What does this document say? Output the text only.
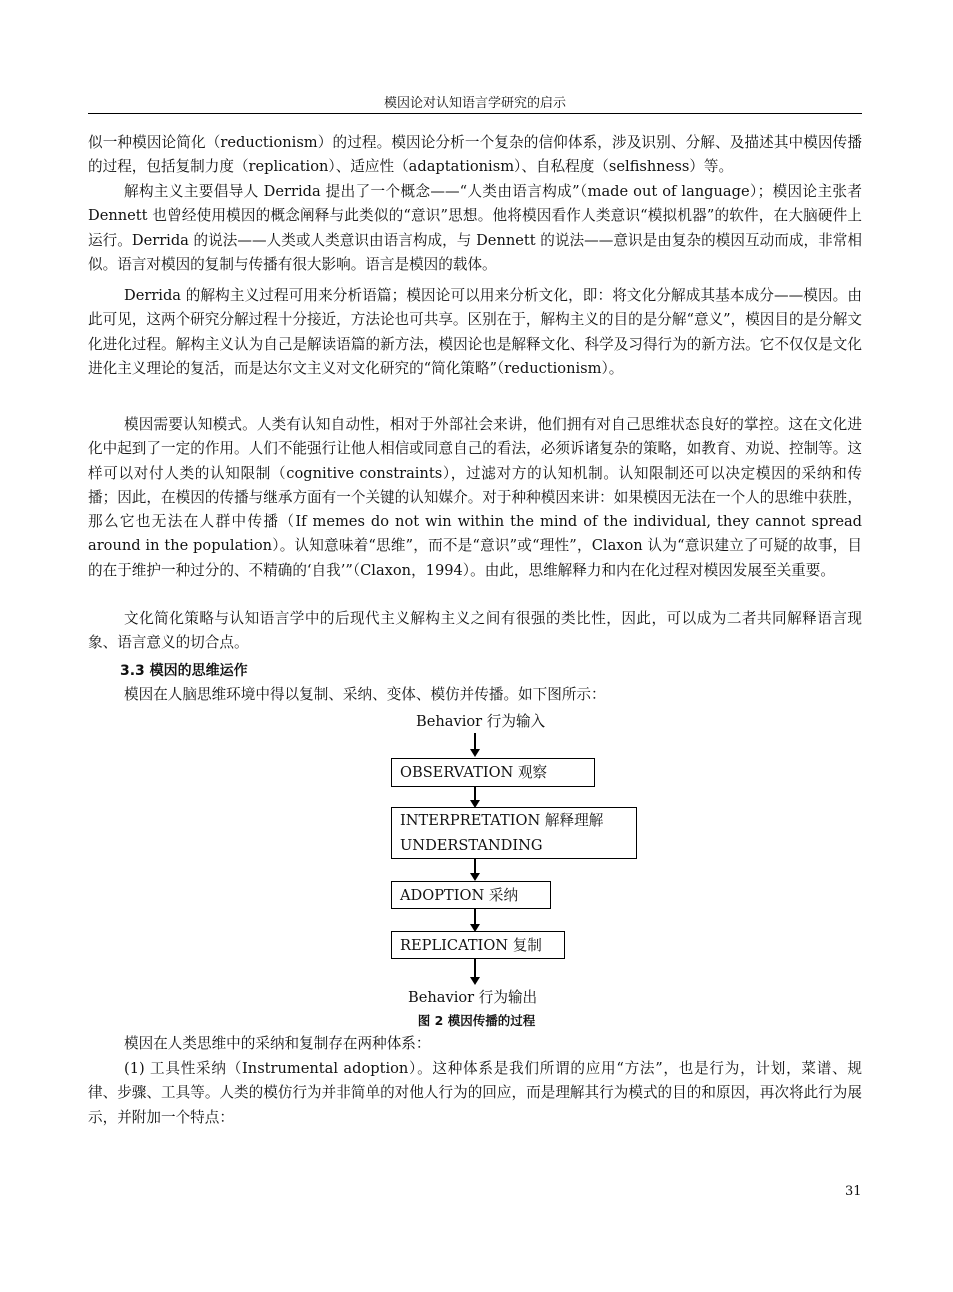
模因论对认知语言学研究的启示

似一种模因论简化（reductionism）的过程。模因论分析一个复杂的信仰体系，涉及识别、分解、及描述其中模因传播的过程，包括复制力度（replication）、适应性（adaptationism）、自私程度（selfishness）等。

解构主义主要倡导人 Derrida 提出了一个概念——“人类由语言构成”（made out of language）；模因论主张者 Dennett 也曾经使用模因的概念阐释与此类似的“意识”思想。他将模因看作人类意识“模拟机器”的软件，在大脑硬件上运行。Derrida 的说法——人类或人类意识由语言构成，与 Dennett 的说法——意识是由复杂的模因互动而成，非常相似。语言对模因的复制与传播有很大影响。语言是模因的载体。

Derrida 的解构主义过程可用来分析语篇；模因论可以用来分析文化，即：将文化分解成其基本成分——模因。由此可见，这两个研究分解过程十分接近，方法论也可共享。区别在于，解构主义的目的是分解“意义”，模因目的是分解文化进化过程。解构主义认为自己是解读语篇的新方法，模因论也是解释文化、科学及习得行为的新方法。它不仅仅是文化进化主义理论的复活，而是达尔文主义对文化研究的“简化策略”（reductionism）。

模因需要认知模式。人类有认知自动性，相对于外部社会来讲，他们拥有对自己思维状态良好的掌控。这在文化进化中起到了一定的作用。人们不能强行让他人相信或同意自己的看法，必须诉诸复杂的策略，如教育、劝说、控制等。这样可以对付人类的认知限制（cognitive constraints），过滤对方的认知机制。认知限制还可以决定模因的采纳和传播；因此，在模因的传播与继承方面有一个关键的认知媒介。对于种种模因来讲：如果模因无法在一个人的思维中获胜，那么它也无法在人群中传播（If memes do not win within the mind of the individual, they cannot spread around in the population）。认知意味着“思维”，而不是“意识”或“理性”，Claxon 认为“意识建立了可疑的故事，目的在于维护一种过分的、不精确的‘自我’”（Claxon，1994）。由此，思维解释力和内在化过程对模因发展至关重要。

文化简化策略与认知语言学中的后现代主义解构主义之间有很强的类比性，因此，可以成为二者共同解释语言现象、语言意义的切合点。

3.3 模因的思维运作

模因在人脑思维环境中得以复制、采纳、变体、模仿并传播。如下图所示：

Behavior 行为输入
OBSERVATION 观察
INTERPRETATION 解释理解
UNDERSTANDING
ADOPTION 采纳
REPLICATION 复制
Behavior 行为输出
图 2 模因传播的过程

模因在人类思维中的采纳和复制存在两种体系：

(1) 工具性采纳（Instrumental adoption）。这种体系是我们所谓的应用“方法”，也是行为，计划，菜谱、规律、步骤、工具等。人类的模仿行为并非简单的对他人行为的回应，而是理解其行为模式的目的和原因，再次将此行为展示，并附加一个特点：

31
